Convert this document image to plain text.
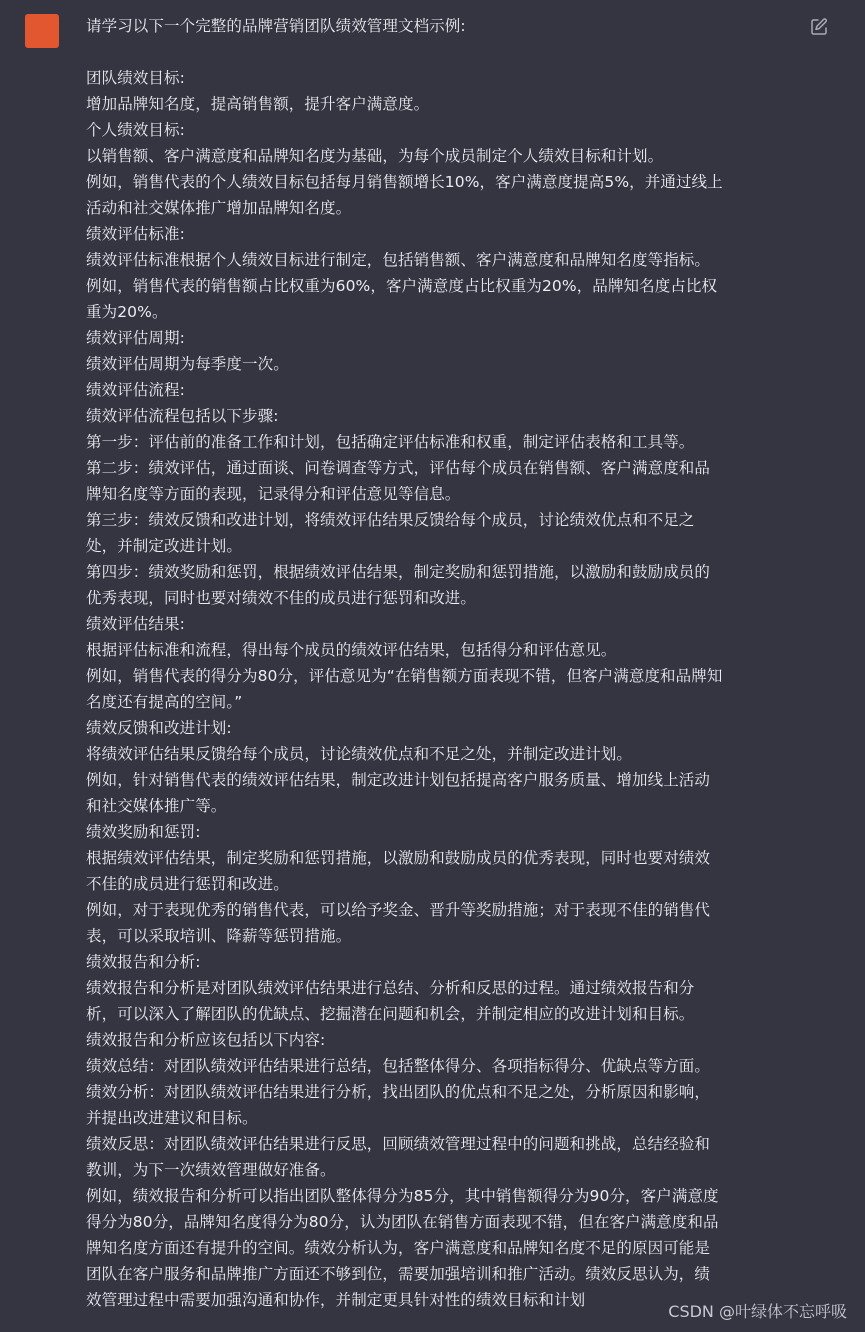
请学习以下一个完整的品牌营销团队绩效管理文档示例:
团队绩效目标:
增加品牌知名度，提高销售额，提升客户满意度。
个人绩效目标:
以销售额、客户满意度和品牌知名度为基础，为每个成员制定个人绩效目标和计划。
例如，销售代表的个人绩效目标包括每月销售额增长10%，客户满意度提高5%，并通过线上
活动和社交媒体推广增加品牌知名度。
绩效评估标准:
绩效评估标准根据个人绩效目标进行制定，包括销售额、客户满意度和品牌知名度等指标。
例如，销售代表的销售额占比权重为60%，客户满意度占比权重为20%，品牌知名度占比权
重为20%。
绩效评估周期:
绩效评估周期为每季度一次。
绩效评估流程:
绩效评估流程包括以下步骤:
第一步：评估前的准备工作和计划，包括确定评估标准和权重，制定评估表格和工具等。
第二步：绩效评估，通过面谈、问卷调查等方式，评估每个成员在销售额、客户满意度和品
牌知名度等方面的表现，记录得分和评估意见等信息。
第三步：绩效反馈和改进计划，将绩效评估结果反馈给每个成员，讨论绩效优点和不足之
处，并制定改进计划。
第四步：绩效奖励和惩罚，根据绩效评估结果，制定奖励和惩罚措施，以激励和鼓励成员的
优秀表现，同时也要对绩效不佳的成员进行惩罚和改进。
绩效评估结果:
根据评估标准和流程，得出每个成员的绩效评估结果，包括得分和评估意见。
例如，销售代表的得分为80分，评估意见为“在销售额方面表现不错，但客户满意度和品牌知
名度还有提高的空间。”
绩效反馈和改进计划:
将绩效评估结果反馈给每个成员，讨论绩效优点和不足之处，并制定改进计划。
例如，针对销售代表的绩效评估结果，制定改进计划包括提高客户服务质量、增加线上活动
和社交媒体推广等。
绩效奖励和惩罚:
根据绩效评估结果，制定奖励和惩罚措施，以激励和鼓励成员的优秀表现，同时也要对绩效
不佳的成员进行惩罚和改进。
例如，对于表现优秀的销售代表，可以给予奖金、晋升等奖励措施；对于表现不佳的销售代
表，可以采取培训、降薪等惩罚措施。
绩效报告和分析:
绩效报告和分析是对团队绩效评估结果进行总结、分析和反思的过程。通过绩效报告和分
析，可以深入了解团队的优缺点、挖掘潜在问题和机会，并制定相应的改进计划和目标。
绩效报告和分析应该包括以下内容:
绩效总结：对团队绩效评估结果进行总结，包括整体得分、各项指标得分、优缺点等方面。
绩效分析：对团队绩效评估结果进行分析，找出团队的优点和不足之处，分析原因和影响，
并提出改进建议和目标。
绩效反思：对团队绩效评估结果进行反思，回顾绩效管理过程中的问题和挑战，总结经验和
教训，为下一次绩效管理做好准备。
例如，绩效报告和分析可以指出团队整体得分为85分，其中销售额得分为90分，客户满意度
得分为80分，品牌知名度得分为80分，认为团队在销售方面表现不错，但在客户满意度和品
牌知名度方面还有提升的空间。绩效分析认为，客户满意度和品牌知名度不足的原因可能是
团队在客户服务和品牌推广方面还不够到位，需要加强培训和推广活动。绩效反思认为，绩
效管理过程中需要加强沟通和协作，并制定更具针对性的绩效目标和计划
CSDN @叶绿体不忘呼吸
